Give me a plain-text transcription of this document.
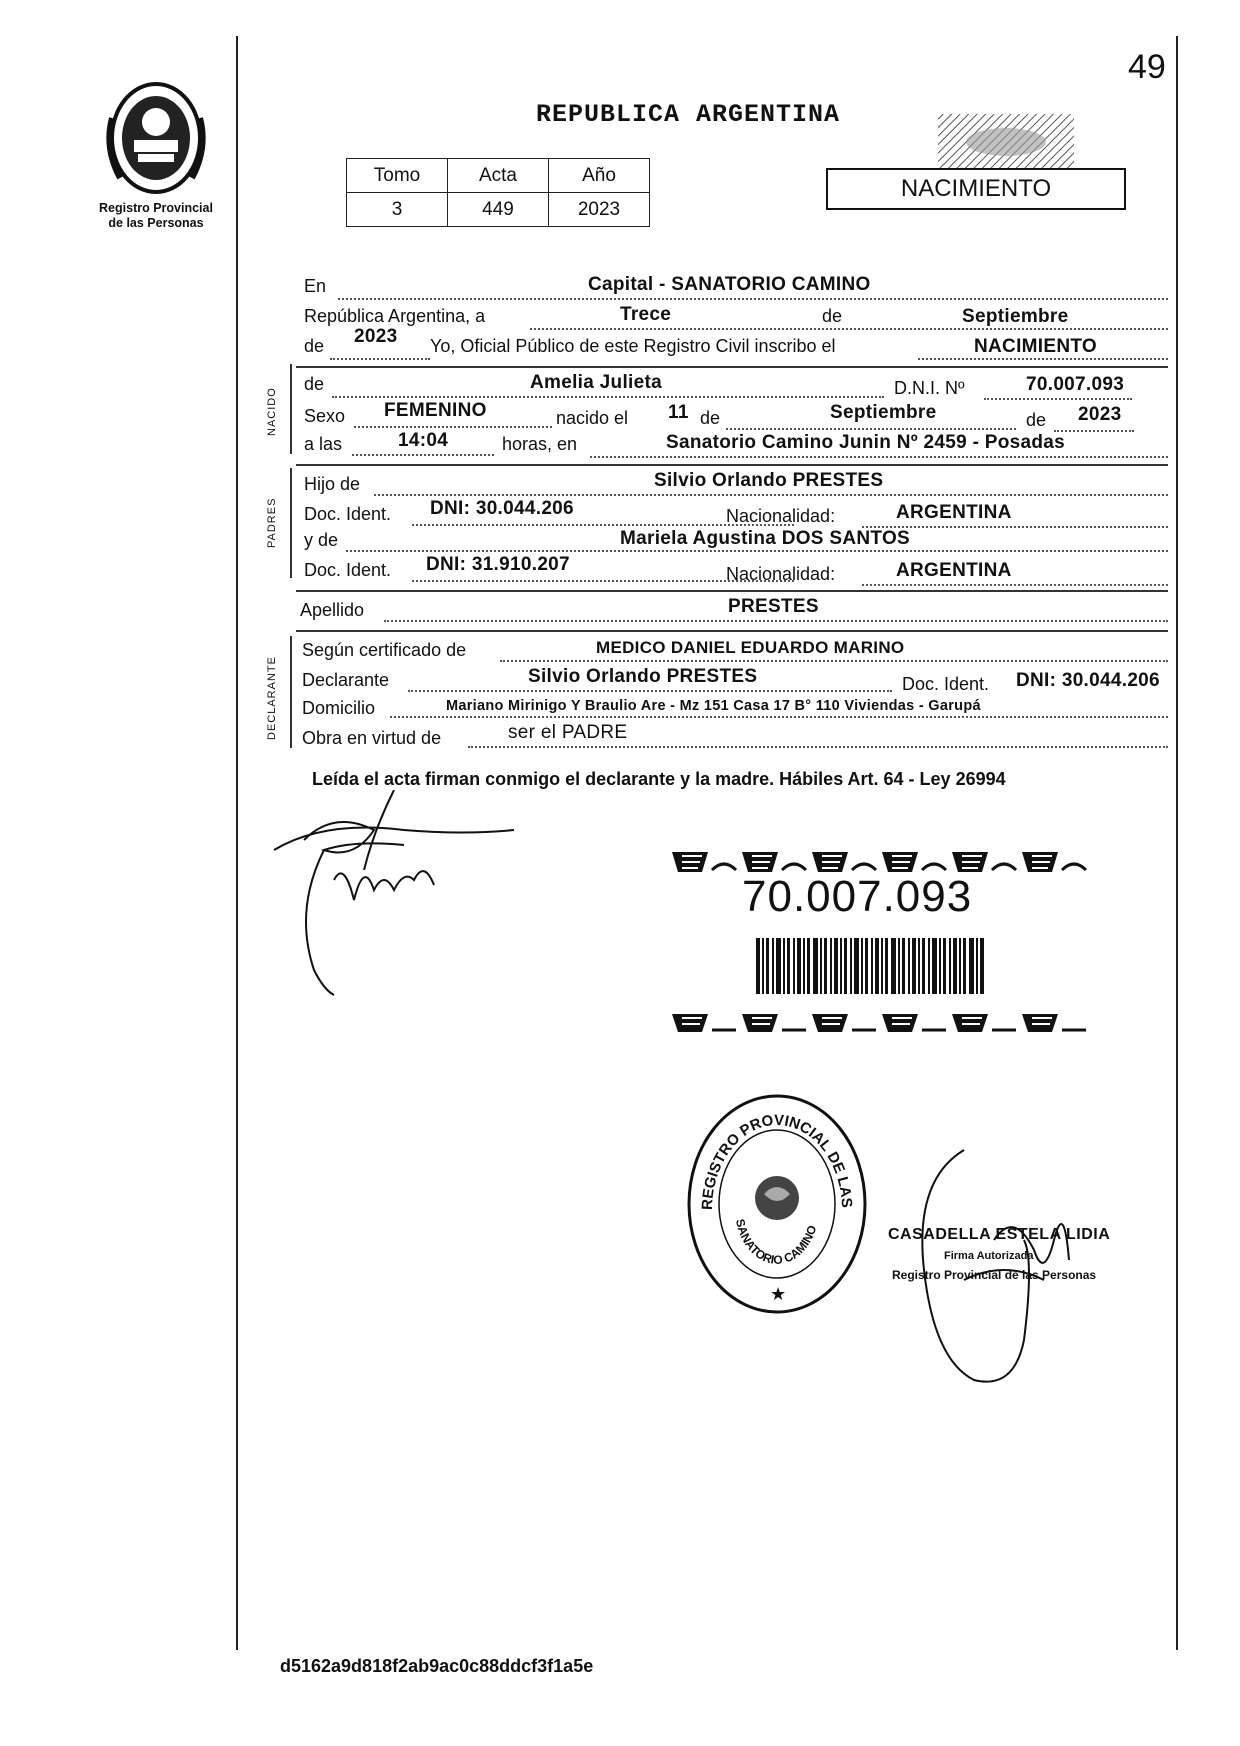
Registro Provincial
de las Personas
49
REPUBLICA ARGENTINA
NACIMIENTO
Tomo	Acta	Año
3	449	2023
En	Capital - SANATORIO CAMINO
República Argentina, a	Trece	de	Septiembre
de 2023 Yo, Oficial Público de este Registro Civil inscribo el	NACIMIENTO
NACIDO
de	Amelia Julieta	D.N.I. Nº	70.007.093
Sexo FEMENINO	nacido el 11 de	Septiembre	de 2023
a las	14:04	horas, en	Sanatorio Camino Junin Nº 2459 - Posadas
PADRES
Hijo de	Silvio Orlando PRESTES
Doc. Ident. DNI: 30.044.206	Nacionalidad:	ARGENTINA
y de	Mariela Agustina DOS SANTOS
Doc. Ident. DNI: 31.910.207	Nacionalidad:	ARGENTINA
Apellido	PRESTES
DECLARANTE
Según certificado de	MEDICO DANIEL EDUARDO MARINO
Declarante	Silvio Orlando PRESTES	Doc. Ident. DNI: 30.044.206
Domicilio	Mariano Mirinigo Y Braulio Are - Mz 151 Casa 17 B° 110 Viviendas - Garupá
Obra en virtud de	ser el PADRE
Leída el acta firman conmigo el declarante y la madre. Hábiles Art. 64 - Ley 26994
70.007.093
REGISTRO PROVINCIAL DE LAS
SANATORIO CAMINO
★
CASADELLA ESTELA LIDIA
Firma Autorizada
Registro Provincial de las Personas
d5162a9d818f2ab9ac0c88ddcf3f1a5e
